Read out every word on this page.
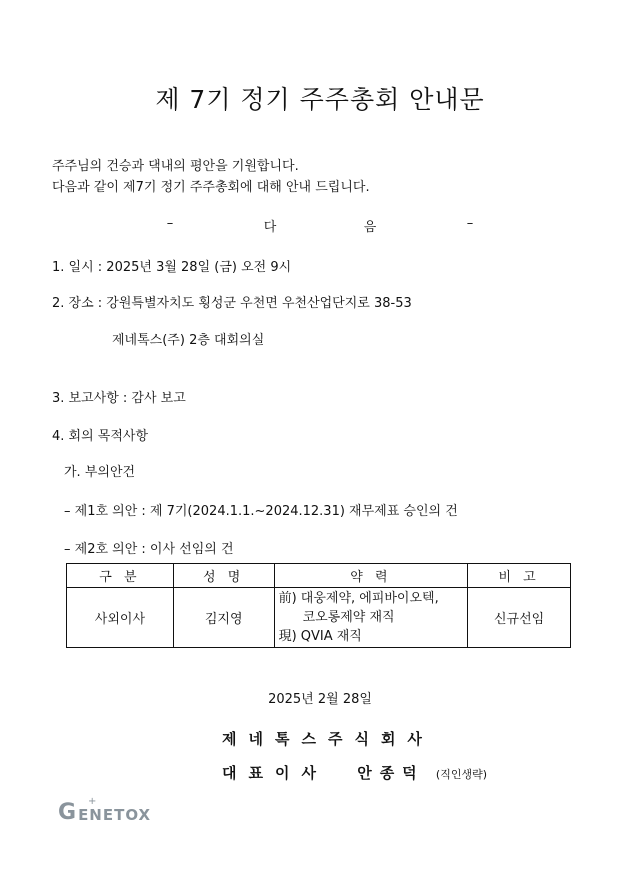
제 7기 정기 주주총회 안내문
주주님의 건승과 댁내의 평안을 기원합니다.
다음과 같이 제7기 정기 주주총회에 대해 안내 드립니다.
–	다	음	–
1. 일시 : 2025년 3월 28일 (금) 오전 9시
2. 장소 : 강원특별자치도 횡성군 우천면 우천산업단지로 38-53
제네톡스(주) 2층 대회의실
3. 보고사항 : 감사 보고
4. 회의 목적사항
가. 부의안건
– 제1호 의안 : 제 7기(2024.1.1.~2024.12.31) 재무제표 승인의 건
– 제2호 의안 : 이사 선임의 건
구 분	성 명	약 력	비 고
사외이사	김지영	前) 대웅제약, 에피바이오텍,
코오롱제약 재직
現) QVIA 재직	신규선임
2025년 2월 28일
제네톡스주식회사
대표이사 안종덕 (직인생략)
G +
ENETOX
